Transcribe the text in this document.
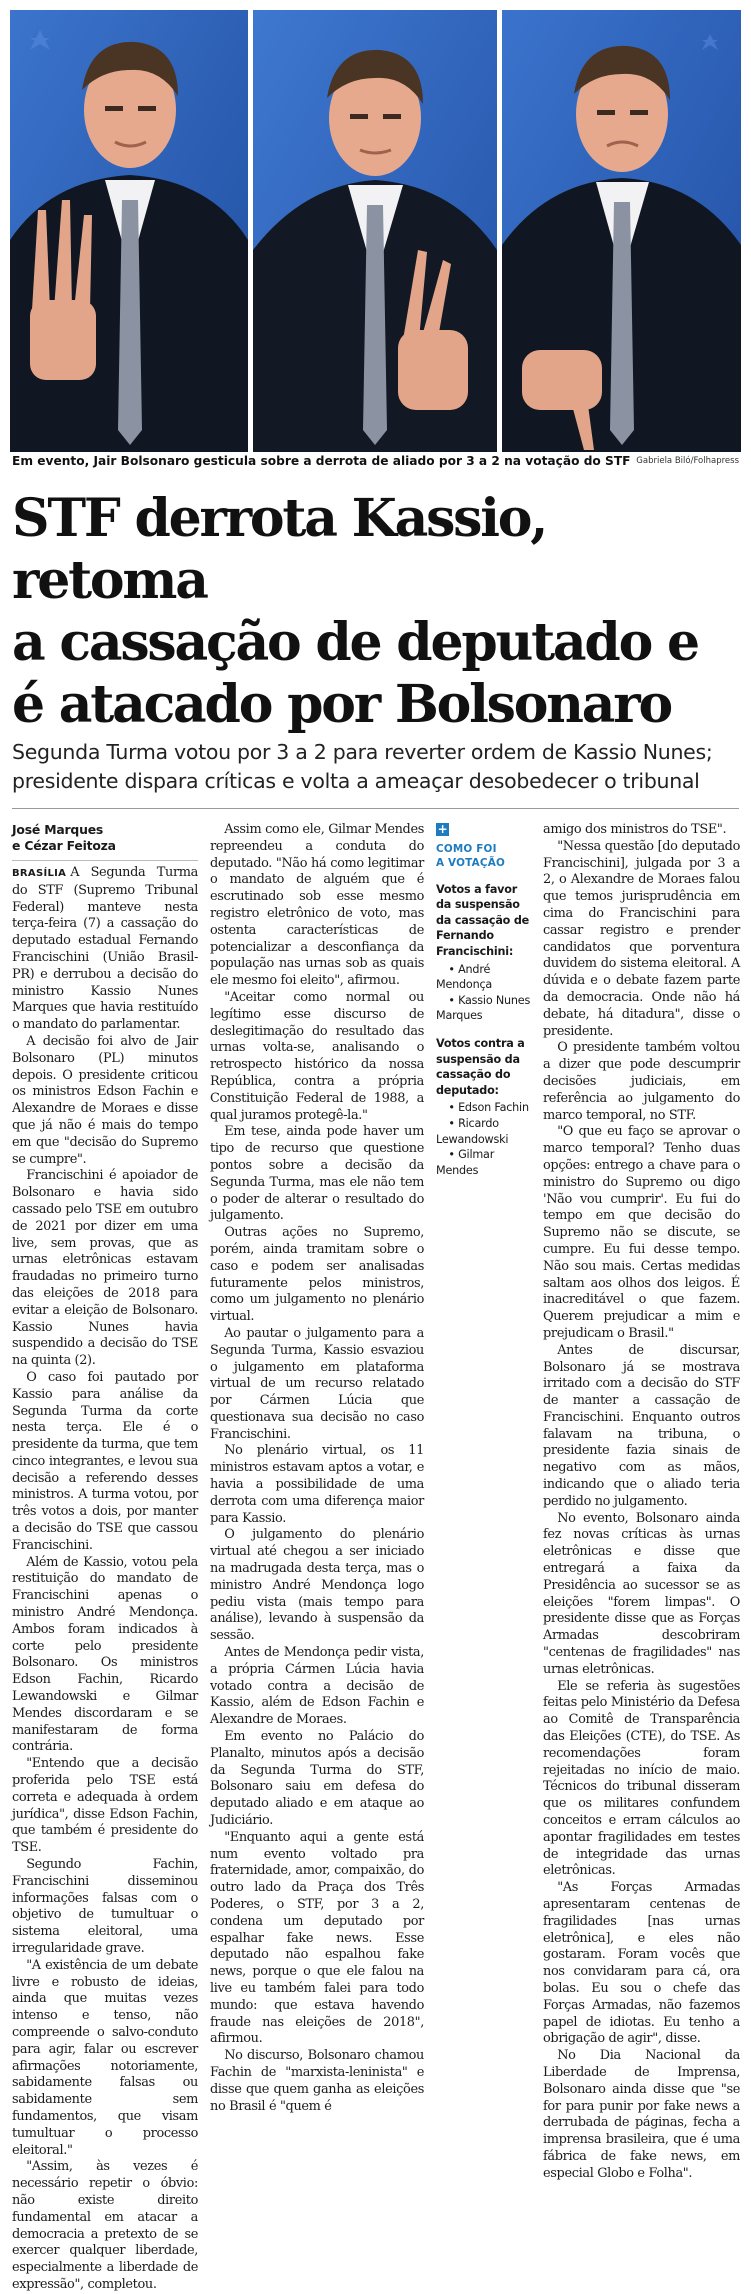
Em evento, Jair Bolsonaro gesticula sobre a derrota de aliado por 3 a 2 na votação do STF Gabriela Biló/Folhapress
STF derrota Kassio, retoma
a cassação de deputado e
é atacado por Bolsonaro
Segunda Turma votou por 3 a 2 para reverter ordem de Kassio Nunes;
presidente dispara críticas e volta a ameaçar desobedecer o tribunal
José Marques
e Cézar Feitoza

BRASÍLIA A Segunda Turma do STF (Supremo Tribunal Federal) manteve nesta terça-feira (7) a cassação do deputado estadual Fernando Francischini (União Brasil-PR) e derrubou a decisão do ministro Kassio Nunes Marques que havia restituído o mandato do parlamentar.

A decisão foi alvo de Jair Bolsonaro (PL) minutos depois. O presidente criticou os ministros Edson Fachin e Alexandre de Moraes e disse que já não é mais do tempo em que "decisão do Supremo se cumpre".

Francischini é apoiador de Bolsonaro e havia sido cassado pelo TSE em outubro de 2021 por dizer em uma live, sem provas, que as urnas eletrônicas estavam fraudadas no primeiro turno das eleições de 2018 para evitar a eleição de Bolsonaro. Kassio Nunes havia suspendido a decisão do TSE na quinta (2).

O caso foi pautado por Kassio para análise da Segunda Turma da corte nesta terça. Ele é o presidente da turma, que tem cinco integrantes, e levou sua decisão a referendo desses ministros. A turma votou, por três votos a dois, por manter a decisão do TSE que cassou Francischini.

Além de Kassio, votou pela restituição do mandato de Francischini apenas o ministro André Mendonça. Ambos foram indicados à corte pelo presidente Bolsonaro. Os ministros Edson Fachin, Ricardo Lewandowski e Gilmar Mendes discordaram e se manifestaram de forma contrária.

"Entendo que a decisão proferida pelo TSE está correta e adequada à ordem jurídica", disse Edson Fachin, que também é presidente do TSE.

Segundo Fachin, Francischini disseminou informações falsas com o objetivo de tumultuar o sistema eleitoral, uma irregularidade grave.

"A existência de um debate livre e robusto de ideias, ainda que muitas vezes intenso e tenso, não compreende o salvo-conduto para agir, falar ou escrever afirmações notoriamente, sabidamente falsas ou sabidamente sem fundamentos, que visam tumultuar o processo eleitoral."

"Assim, às vezes é necessário repetir o óbvio: não existe direito fundamental em atacar a democracia a pretexto de se exercer qualquer liberdade, especialmente a liberdade de expressão", completou.

Assim como ele, Gilmar Mendes repreendeu a conduta do deputado. "Não há como legitimar o mandato de alguém que é escrutinado sob esse mesmo registro eletrônico de voto, mas ostenta características de potencializar a desconfiança da população nas urnas sob as quais ele mesmo foi eleito", afirmou.

"Aceitar como normal ou legítimo esse discurso de deslegitimação do resultado das urnas volta-se, analisando o retrospecto histórico da nossa República, contra a própria Constituição Federal de 1988, a qual juramos protegê-la."

Em tese, ainda pode haver um tipo de recurso que questione pontos sobre a decisão da Segunda Turma, mas ele não tem o poder de alterar o resultado do julgamento.

Outras ações no Supremo, porém, ainda tramitam sobre o caso e podem ser analisadas futuramente pelos ministros, como um julgamento no plenário virtual.

Ao pautar o julgamento para a Segunda Turma, Kassio esvaziou o julgamento em plataforma virtual de um recurso relatado por Cármen Lúcia que questionava sua decisão no caso Francischini.

No plenário virtual, os 11 ministros estavam aptos a votar, e havia a possibilidade de uma derrota com uma diferença maior para Kassio.

O julgamento do plenário virtual até chegou a ser iniciado na madrugada desta terça, mas o ministro André Mendonça logo pediu vista (mais tempo para análise), levando à suspensão da sessão.

Antes de Mendonça pedir vista, a própria Cármen Lúcia havia votado contra a decisão de Kassio, além de Edson Fachin e Alexandre de Moraes.

Em evento no Palácio do Planalto, minutos após a decisão da Segunda Turma do STF, Bolsonaro saiu em defesa do deputado aliado e em ataque ao Judiciário.

"Enquanto aqui a gente está num evento voltado pra fraternidade, amor, compaixão, do outro lado da Praça dos Três Poderes, o STF, por 3 a 2, condena um deputado por espalhar fake news. Esse deputado não espalhou fake news, porque o que ele falou na live eu também falei para todo mundo: que estava havendo fraude nas eleições de 2018", afirmou.

No discurso, Bolsonaro chamou Fachin de "marxista-leninista" e disse que quem ganha as eleições no Brasil é "quem é

+
COMO FOI
A VOTAÇÃO
Votos a favor da suspensão da cassação de Fernando Francischini:

• André Mendonça

• Kassio Nunes Marques

Votos contra a suspensão da cassação do deputado:

• Edson Fachin

• Ricardo Lewandowski

• Gilmar Mendes

amigo dos ministros do TSE".

"Nessa questão [do deputado Francischini], julgada por 3 a 2, o Alexandre de Moraes falou que temos jurisprudência em cima do Francischini para cassar registro e prender candidatos que porventura duvidem do sistema eleitoral. A dúvida e o debate fazem parte da democracia. Onde não há debate, há ditadura", disse o presidente.

O presidente também voltou a dizer que pode descumprir decisões judiciais, em referência ao julgamento do marco temporal, no STF.

"O que eu faço se aprovar o marco temporal? Tenho duas opções: entrego a chave para o ministro do Supremo ou digo 'Não vou cumprir'. Eu fui do tempo em que decisão do Supremo não se discute, se cumpre. Eu fui desse tempo. Não sou mais. Certas medidas saltam aos olhos dos leigos. É inacreditável o que fazem. Querem prejudicar a mim e prejudicam o Brasil."

Antes de discursar, Bolsonaro já se mostrava irritado com a decisão do STF de manter a cassação de Francischini. Enquanto outros falavam na tribuna, o presidente fazia sinais de negativo com as mãos, indicando que o aliado teria perdido no julgamento.

No evento, Bolsonaro ainda fez novas críticas às urnas eletrônicas e disse que entregará a faixa da Presidência ao sucessor se as eleições "forem limpas". O presidente disse que as Forças Armadas descobriram "centenas de fragilidades" nas urnas eletrônicas.

Ele se referia às sugestões feitas pelo Ministério da Defesa ao Comitê de Transparência das Eleições (CTE), do TSE. As recomendações foram rejeitadas no início de maio. Técnicos do tribunal disseram que os militares confundem conceitos e erram cálculos ao apontar fragilidades em testes de integridade das urnas eletrônicas.

"As Forças Armadas apresentaram centenas de fragilidades [nas urnas eletrônica], e eles não gostaram. Foram vocês que nos convidaram para cá, ora bolas. Eu sou o chefe das Forças Armadas, não fazemos papel de idiotas. Eu tenho a obrigação de agir", disse.

No Dia Nacional da Liberdade de Imprensa, Bolsonaro ainda disse que "se for para punir por fake news a derrubada de páginas, fecha a imprensa brasileira, que é uma fábrica de fake news, em especial Globo e Folha".
